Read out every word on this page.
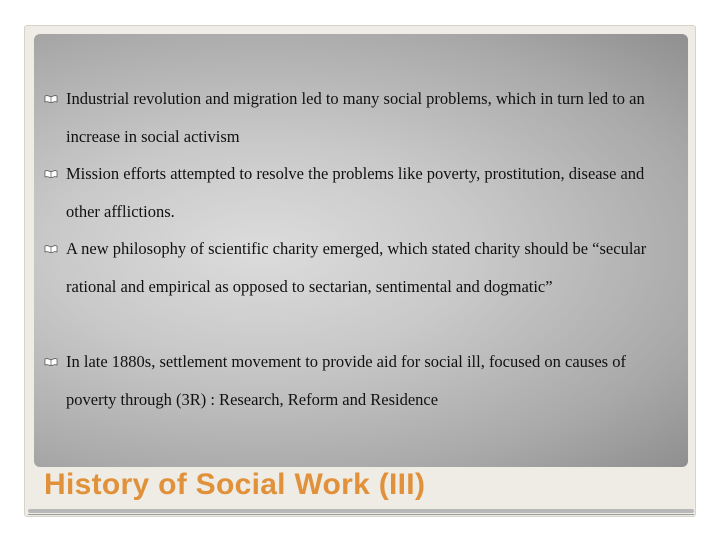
Industrial revolution and migration led to many social problems, which in turn led to an increase in social activism
Mission efforts attempted to resolve the problems like poverty, prostitution, disease and other afflictions.
A new philosophy of scientific charity emerged, which stated charity should be “secular rational and empirical as opposed to sectarian, sentimental and dogmatic”
In late 1880s, settlement movement to provide aid for social ill, focused on causes of poverty through (3R) : Research, Reform and Residence
History of Social Work (III)
